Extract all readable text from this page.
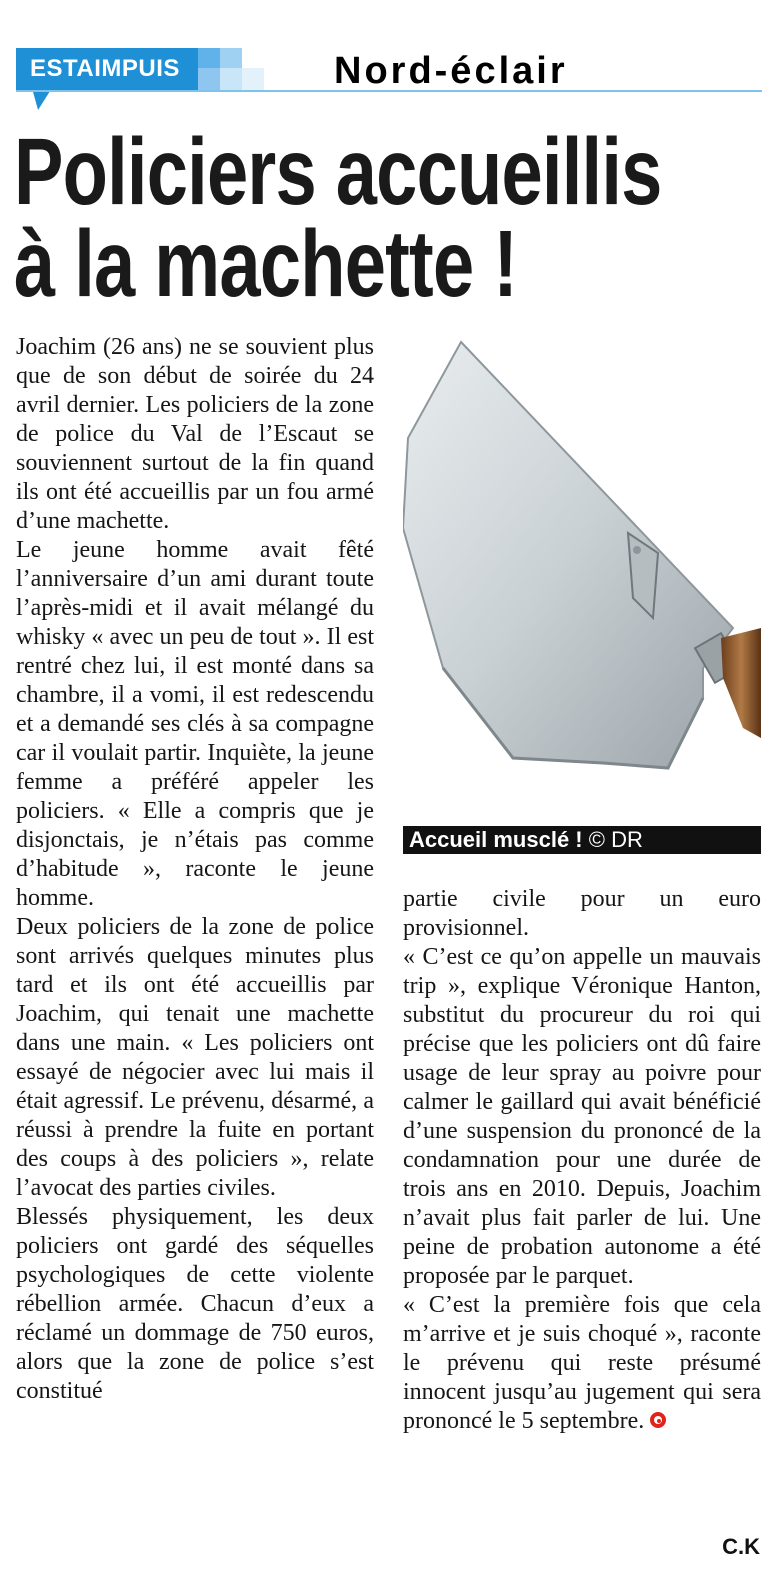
ESTAIMPUIS	Nord-éclair
Policiers accueillis
à la machette !

Joachim (26 ans) ne se souvient plus que de son début de soirée du 24 avril dernier. Les policiers de la zone de police du Val de l’Escaut se souviennent surtout de la fin quand ils ont été accueillis par un fou armé d’une machette.

Le jeune homme avait fêté l’anniversaire d’un ami durant toute l’après-midi et il avait mélangé du whisky « avec un peu de tout ». Il est rentré chez lui, il est monté dans sa chambre, il a vomi, il est redescendu et a demandé ses clés à sa compagne car il voulait partir. Inquiète, la jeune femme a préféré appeler les policiers. « Elle a compris que je disjonctais, je n’étais pas comme d’habitude », raconte le jeune homme.

Deux policiers de la zone de police sont arrivés quelques minutes plus tard et ils ont été accueillis par Joachim, qui tenait une machette dans une main. « Les policiers ont essayé de négocier avec lui mais il était agressif. Le prévenu, désarmé, a réussi à prendre la fuite en portant des coups à des policiers », relate l’avocat des parties civiles.

Blessés physiquement, les deux policiers ont gardé des séquelles psychologiques de cette violente rébellion armée. Chacun d’eux a réclamé un dommage de 750 euros, alors que la zone de police s’est constitué

Accueil musclé ! © DR

partie civile pour un euro provisionnel.

« C’est ce qu’on appelle un mauvais trip », explique Véronique Hanton, substitut du procureur du roi qui précise que les policiers ont dû faire usage de leur spray au poivre pour calmer le gaillard qui avait bénéficié d’une suspension du prononcé de la condamnation pour une durée de trois ans en 2010. Depuis, Joachim n’avait plus fait parler de lui. Une peine de probation autonome a été proposée par le parquet.

« C’est la première fois que cela m’arrive et je suis choqué », raconte le prévenu qui reste présumé innocent jusqu’au jugement qui sera prononcé le 5 septembre.

C.K
